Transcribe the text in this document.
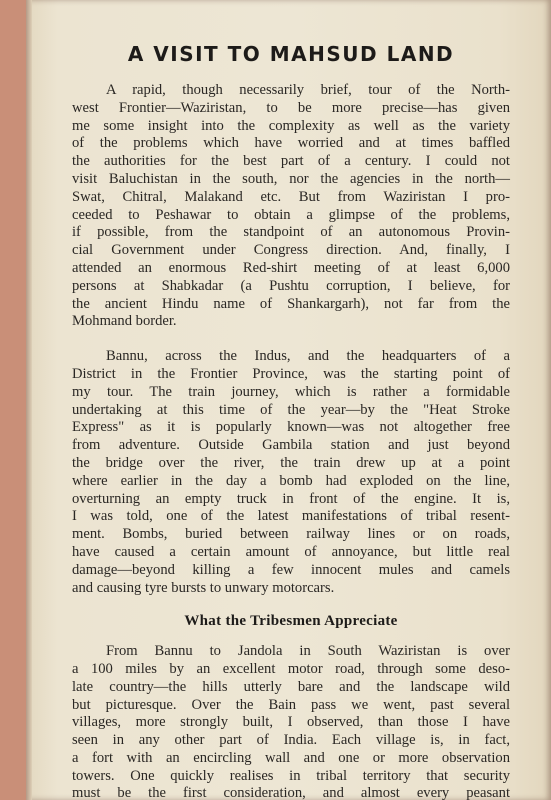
A VISIT TO MAHSUD LAND
A rapid, though necessarily brief, tour of the North-
west Frontier—Waziristan, to be more precise—has given
me some insight into the complexity as well as the variety
of the problems which have worried and at times baffled
the authorities for the best part of a century. I could not
visit Baluchistan in the south, nor the agencies in the north—
Swat, Chitral, Malakand etc. But from Waziristan I pro-
ceeded to Peshawar to obtain a glimpse of the problems,
if possible, from the standpoint of an autonomous Provin-
cial Government under Congress direction. And, finally, I
attended an enormous Red-shirt meeting of at least 6,000
persons at Shabkadar (a Pushtu corruption, I believe, for
the ancient Hindu name of Shankargarh), not far from the
Mohmand border.
Bannu, across the Indus, and the headquarters of a
District in the Frontier Province, was the starting point of
my tour. The train journey, which is rather a formidable
undertaking at this time of the year—by the "Heat Stroke
Express" as it is popularly known—was not altogether free
from adventure. Outside Gambila station and just beyond
the bridge over the river, the train drew up at a point
where earlier in the day a bomb had exploded on the line,
overturning an empty truck in front of the engine. It is,
I was told, one of the latest manifestations of tribal resent-
ment. Bombs, buried between railway lines or on roads,
have caused a certain amount of annoyance, but little real
damage—beyond killing a few innocent mules and camels
and causing tyre bursts to unwary motorcars.
What the Tribesmen Appreciate
From Bannu to Jandola in South Waziristan is over
a 100 miles by an excellent motor road, through some deso-
late country—the hills utterly bare and the landscape wild
but picturesque. Over the Bain pass we went, past several
villages, more strongly built, I observed, than those I have
seen in any other part of India. Each village is, in fact,
a fort with an encircling wall and one or more observation
towers. One quickly realises in tribal territory that security
must be the first consideration, and almost every peasant
